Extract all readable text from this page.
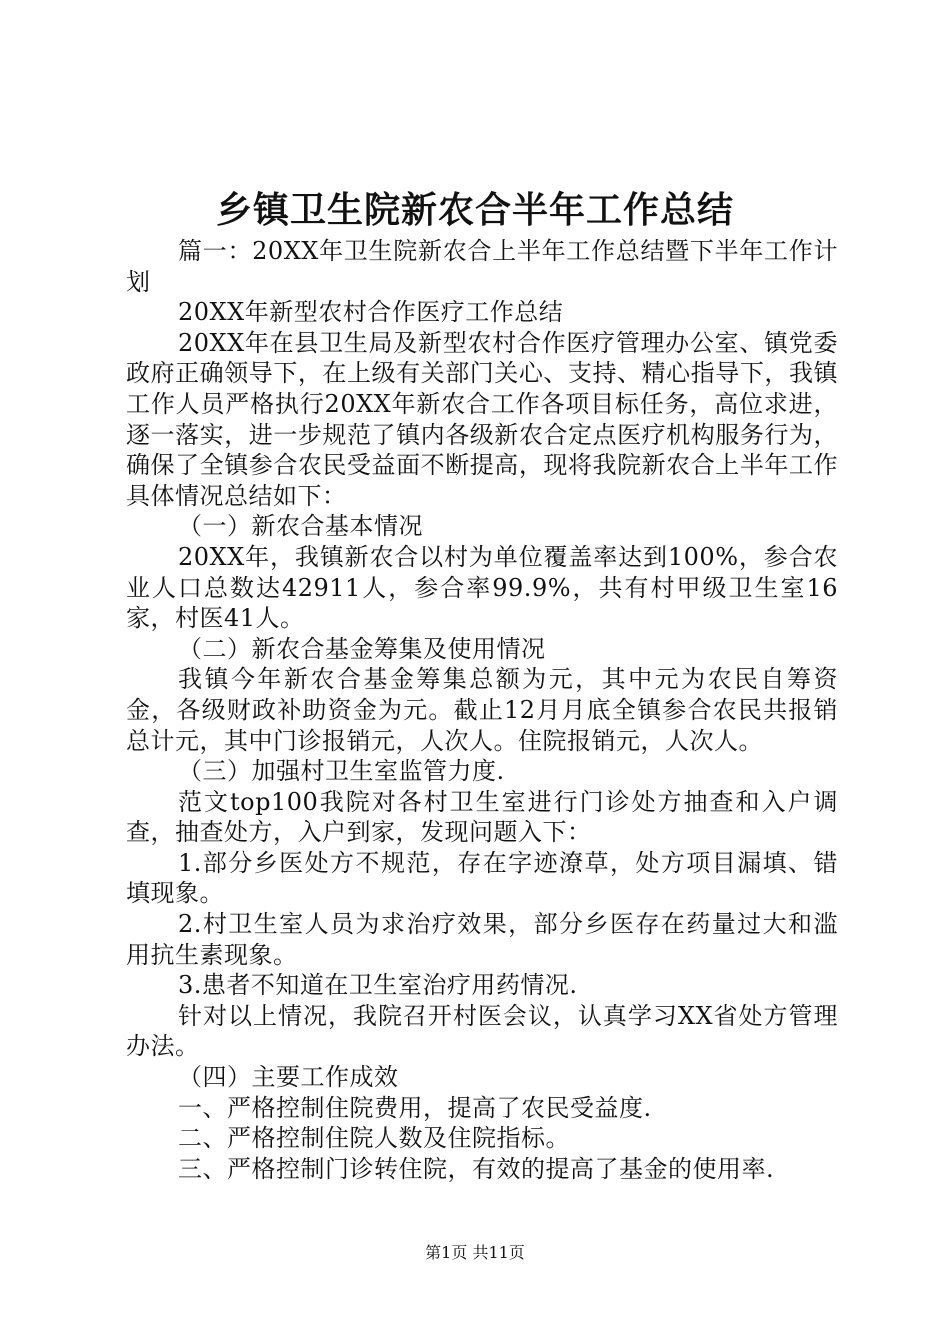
乡镇卫生院新农合半年工作总结

篇一：20XX年卫生院新农合上半年工作总结暨下半年工作计划

20XX年新型农村合作医疗工作总结

20XX年在县卫生局及新型农村合作医疗管理办公室、镇党委政府正确领导下，在上级有关部门关心、支持、精心指导下，我镇工作人员严格执行20XX年新农合工作各项目标任务，高位求进，逐一落实，进一步规范了镇内各级新农合定点医疗机构服务行为，确保了全镇参合农民受益面不断提高，现将我院新农合上半年工作具体情况总结如下：

（一）新农合基本情况

20XX年，我镇新农合以村为单位覆盖率达到100%，参合农业人口总数达42911人，参合率99.9%，共有村甲级卫生室16家，村医41人。

（二）新农合基金筹集及使用情况

我镇今年新农合基金筹集总额为元，其中元为农民自筹资金，各级财政补助资金为元。截止12月月底全镇参合农民共报销总计元，其中门诊报销元，人次人。住院报销元，人次人。

（三）加强村卫生室监管力度.

范文top100我院对各村卫生室进行门诊处方抽查和入户调查，抽查处方，入户到家，发现问题入下：

1.部分乡医处方不规范，存在字迹潦草，处方项目漏填、错填现象。

2.村卫生室人员为求治疗效果，部分乡医存在药量过大和滥用抗生素现象。

3.患者不知道在卫生室治疗用药情况.

针对以上情况，我院召开村医会议，认真学习XX省处方管理办法。

（四）主要工作成效

一、严格控制住院费用，提高了农民受益度.

二、严格控制住院人数及住院指标。

三、严格控制门诊转住院，有效的提高了基金的使用率.

第1页 共11页
